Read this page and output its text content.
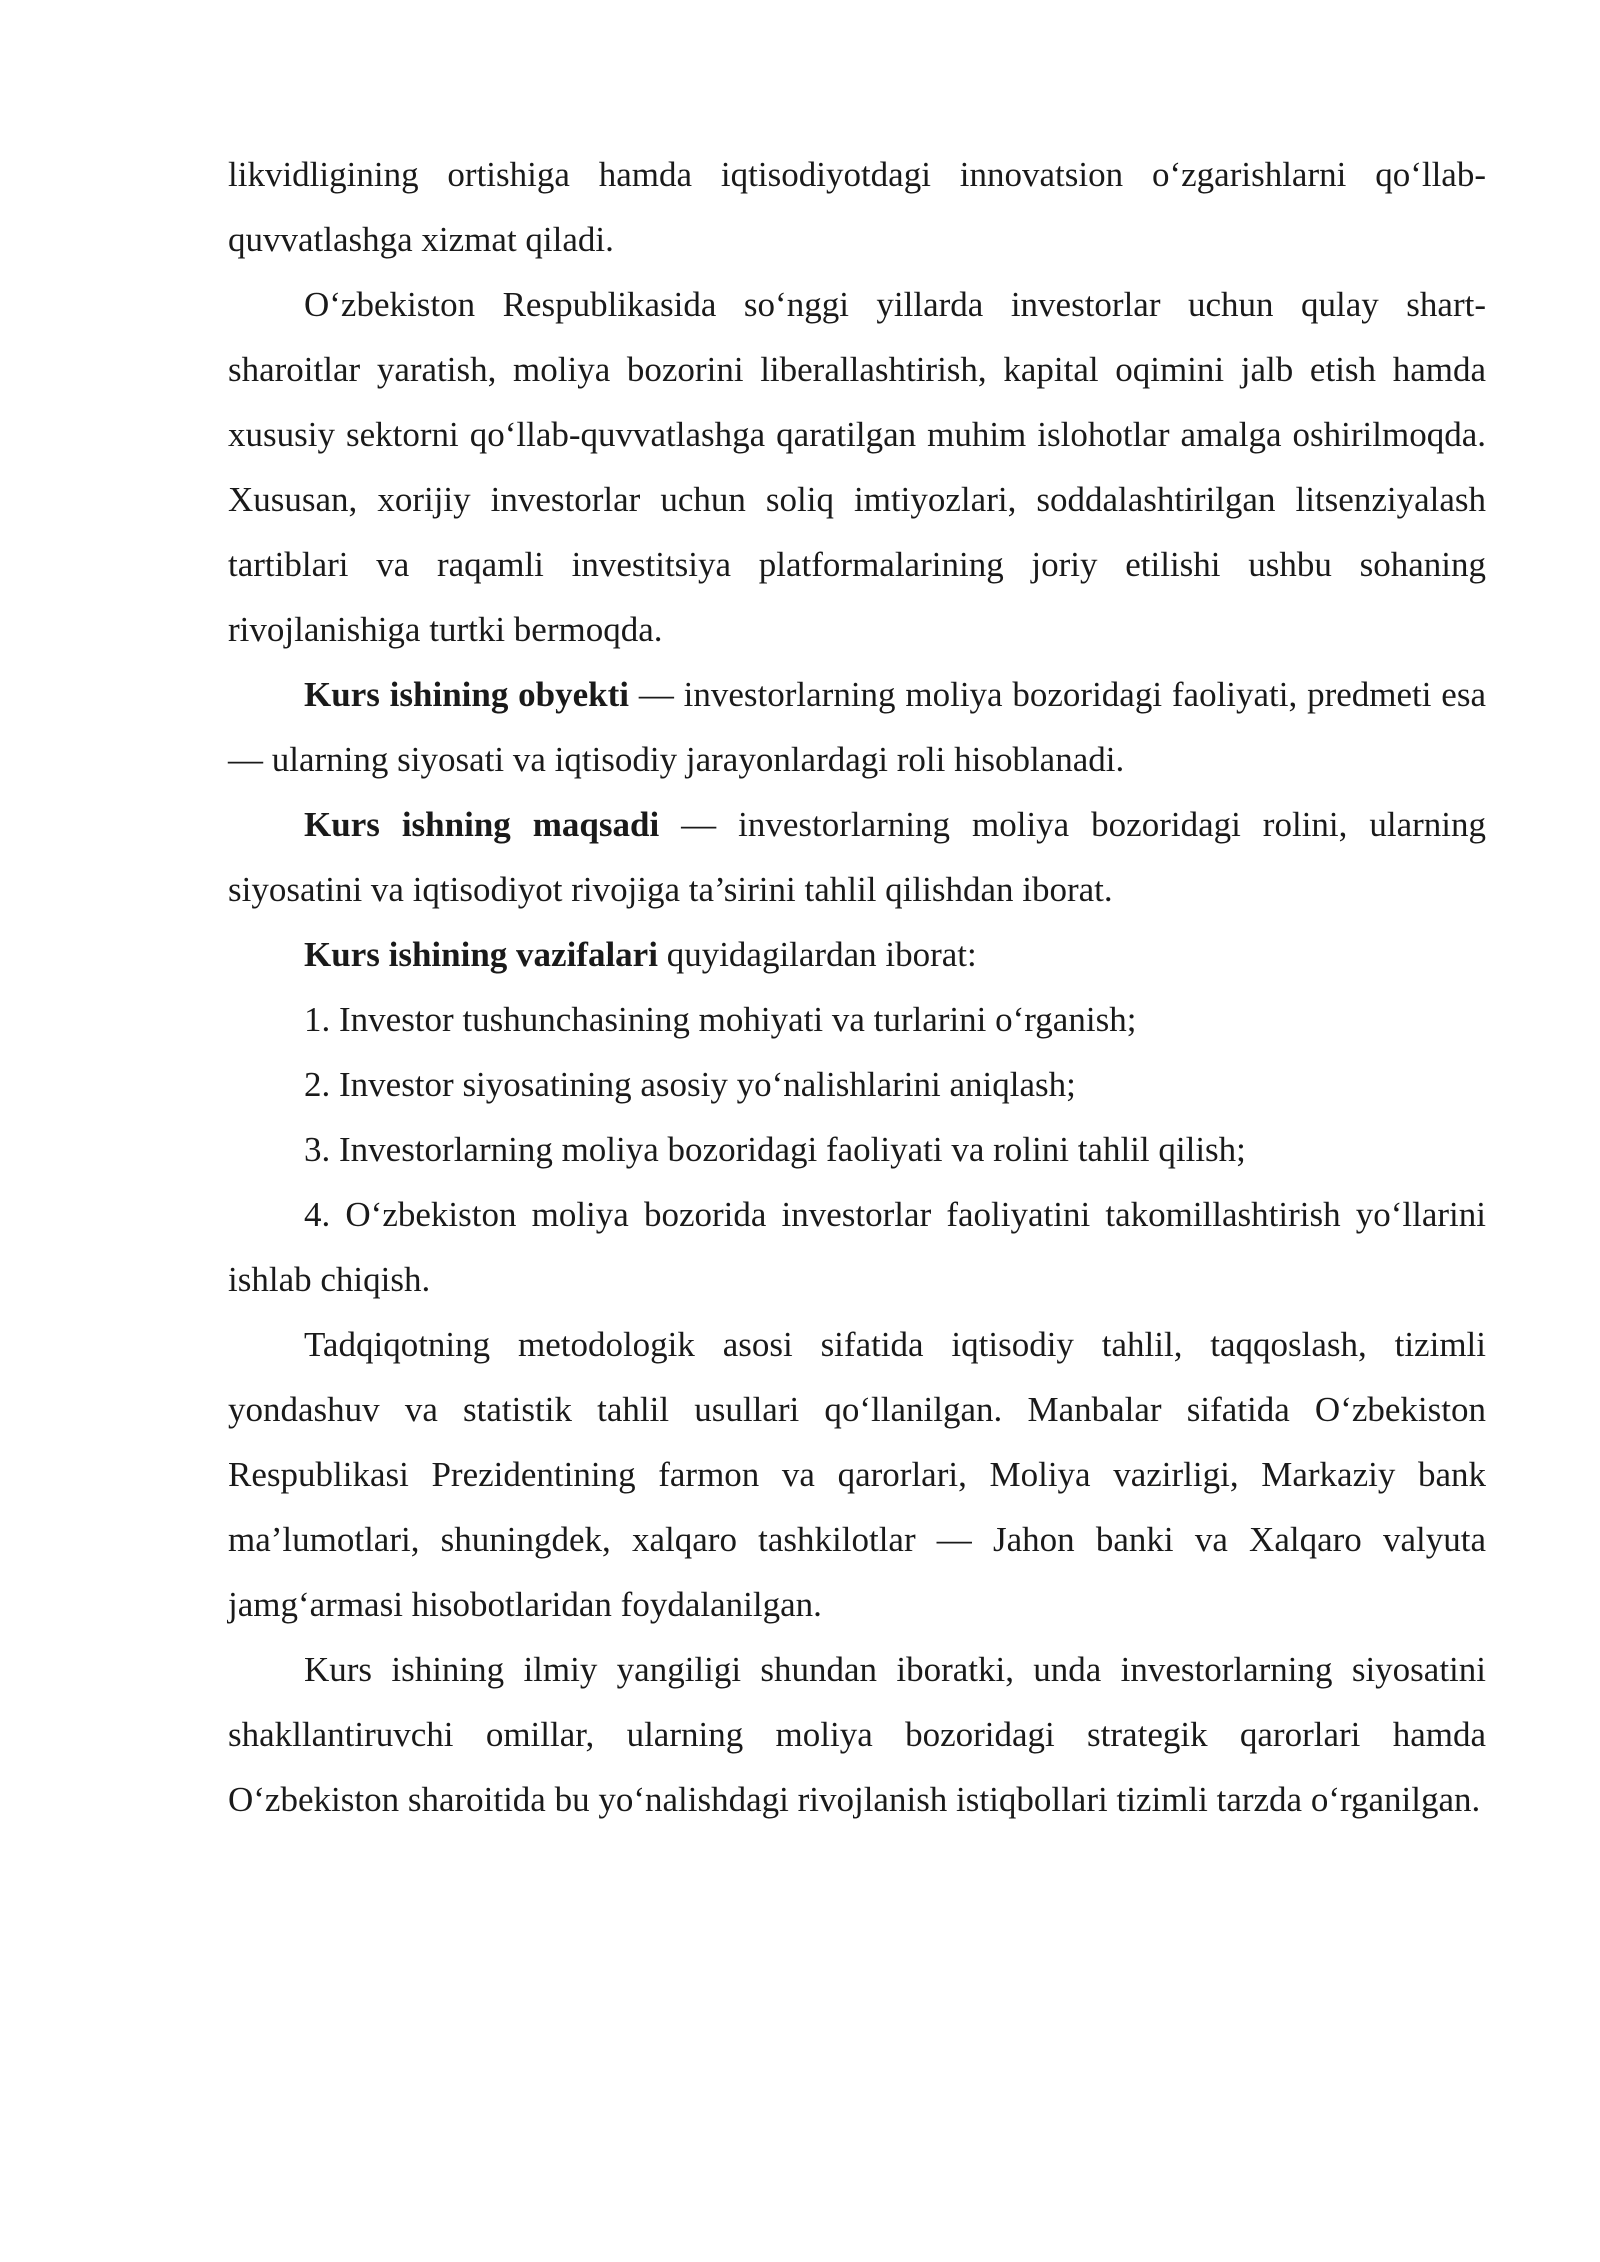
likvidligining ortishiga hamda iqtisodiyotdagi innovatsion o‘zgarishlarni qo‘llab-quvvatlashga xizmat qiladi.

O‘zbekiston Respublikasida so‘nggi yillarda investorlar uchun qulay shart-sharoitlar yaratish, moliya bozorini liberallashtirish, kapital oqimini jalb etish hamda xususiy sektorni qo‘llab-quvvatlashga qaratilgan muhim islohotlar amalga oshirilmoqda. Xususan, xorijiy investorlar uchun soliq imtiyozlari, soddalashtirilgan litsenziyalash tartiblari va raqamli investitsiya platformalarining joriy etilishi ushbu sohaning rivojlanishiga turtki bermoqda.

Kurs ishining obyekti — investorlarning moliya bozoridagi faoliyati, predmeti esa — ularning siyosati va iqtisodiy jarayonlardagi roli hisoblanadi.

Kurs ishning maqsadi — investorlarning moliya bozoridagi rolini, ularning siyosatini va iqtisodiyot rivojiga ta’sirini tahlil qilishdan iborat.

Kurs ishining vazifalari quyidagilardan iborat:

1. Investor tushunchasining mohiyati va turlarini o‘rganish;

2. Investor siyosatining asosiy yo‘nalishlarini aniqlash;

3. Investorlarning moliya bozoridagi faoliyati va rolini tahlil qilish;

4. O‘zbekiston moliya bozorida investorlar faoliyatini takomillashtirish yo‘llarini ishlab chiqish.

Tadqiqotning metodologik asosi sifatida iqtisodiy tahlil, taqqoslash, tizimli yondashuv va statistik tahlil usullari qo‘llanilgan. Manbalar sifatida O‘zbekiston Respublikasi Prezidentining farmon va qarorlari, Moliya vazirligi, Markaziy bank ma’lumotlari, shuningdek, xalqaro tashkilotlar — Jahon banki va Xalqaro valyuta jamg‘armasi hisobotlaridan foydalanilgan.

Kurs ishining ilmiy yangiligi shundan iboratki, unda investorlarning siyosatini shakllantiruvchi omillar, ularning moliya bozoridagi strategik qarorlari hamda O‘zbekiston sharoitida bu yo‘nalishdagi rivojlanish istiqbollari tizimli tarzda o‘rganilgan.
